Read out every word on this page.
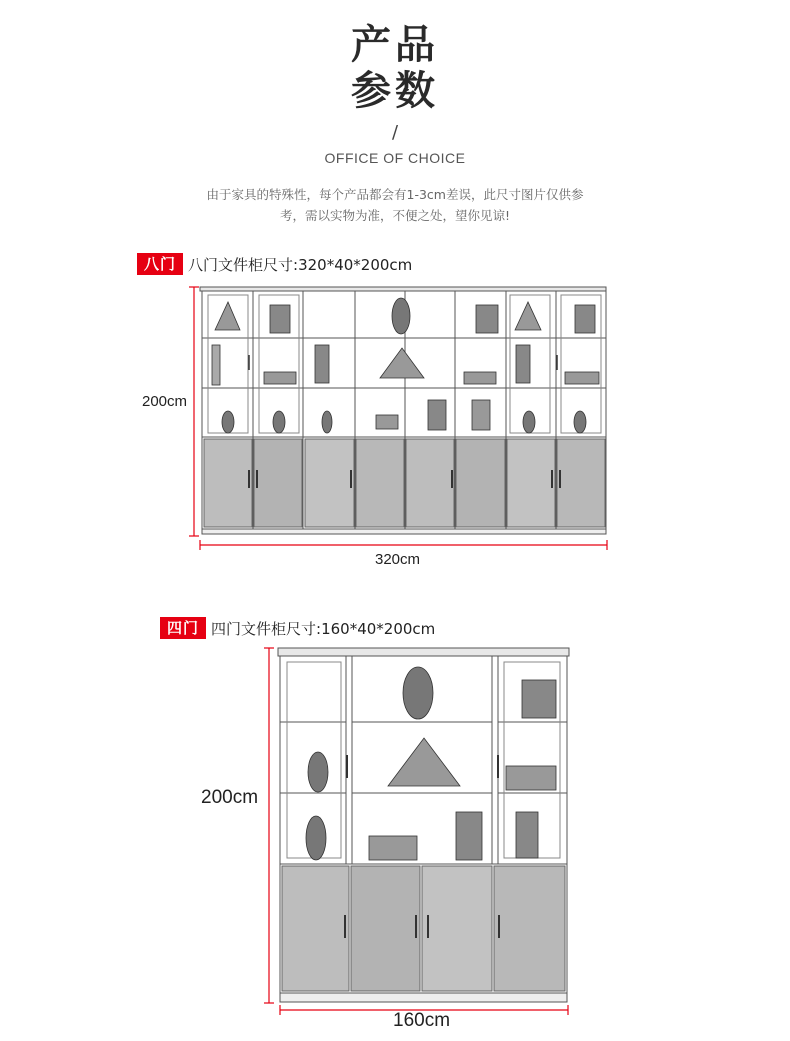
产品
参数
/
OFFICE OF CHOICE
由于家具的特殊性，每个产品都会有1-3cm差误，此尺寸图片仅供参
考，需以实物为准，不便之处，望你见谅!
八门 八门文件柜尺寸:320*40*200cm
200cm
320cm
四门 四门文件柜尺寸:160*40*200cm
200cm
160cm
